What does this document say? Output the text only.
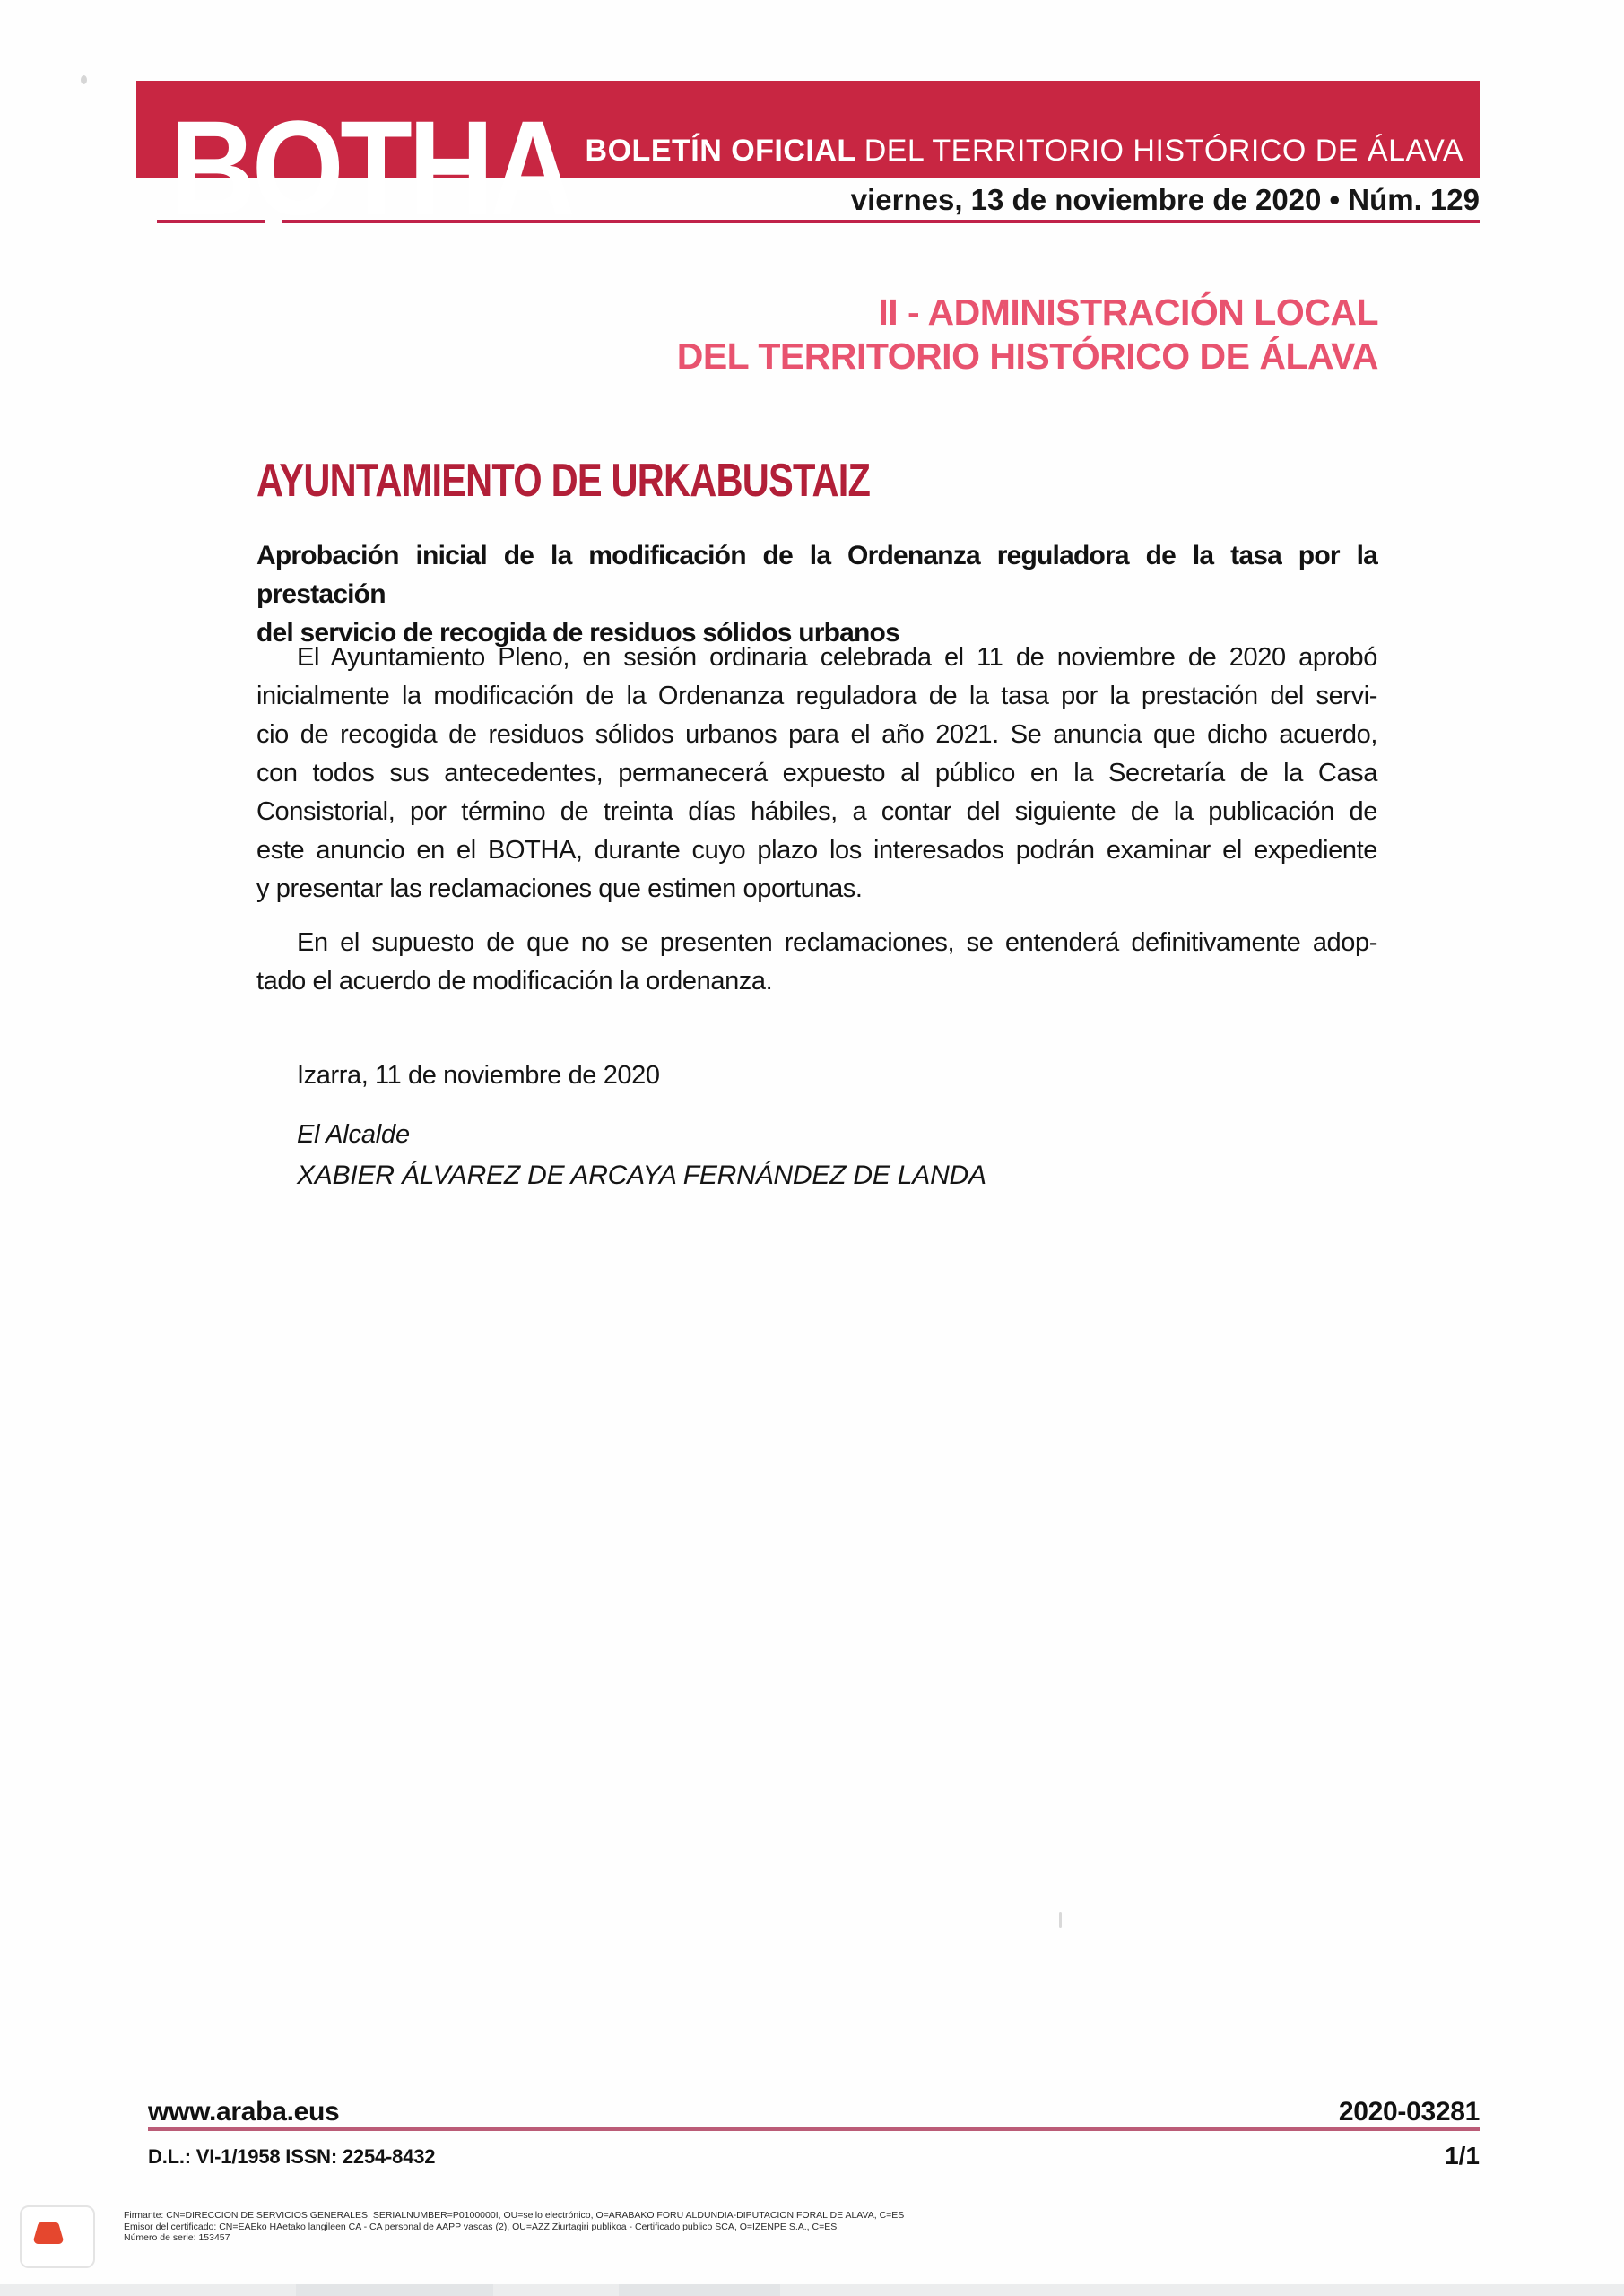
BOLETÍN OFICIAL DEL TERRITORIO HISTÓRICO DE ÁLAVA
BOTHA	viernes, 13 de noviembre de 2020 • Núm. 129
II - ADMINISTRACIÓN LOCAL
DEL TERRITORIO HISTÓRICO DE ÁLAVA
AYUNTAMIENTO DE URKABUSTAIZ
Aprobación inicial de la modificación de la Ordenanza reguladora de la tasa por la prestación
del servicio de recogida de residuos sólidos urbanos
El Ayuntamiento Pleno, en sesión ordinaria celebrada el 11 de noviembre de 2020 aprobó
inicialmente la modificación de la Ordenanza reguladora de la tasa por la prestación del servi-
cio de recogida de residuos sólidos urbanos para el año 2021. Se anuncia que dicho acuerdo,
con todos sus antecedentes, permanecerá expuesto al público en la Secretaría de la Casa
Consistorial, por término de treinta días hábiles, a contar del siguiente de la publicación de
este anuncio en el BOTHA, durante cuyo plazo los interesados podrán examinar el expediente
y presentar las reclamaciones que estimen oportunas.
En el supuesto de que no se presenten reclamaciones, se entenderá definitivamente adop-
tado el acuerdo de modificación la ordenanza.
Izarra, 11 de noviembre de 2020
El Alcalde
XABIER ÁLVAREZ DE ARCAYA FERNÁNDEZ DE LANDA
www.araba.eus	2020-03281
D.L.: VI-1/1958 ISSN: 2254-8432	1/1
Firmante: CN=DIRECCION DE SERVICIOS GENERALES, SERIALNUMBER=P0100000I, OU=sello electrónico, O=ARABAKO FORU ALDUNDIA-DIPUTACION FORAL DE ALAVA, C=ES
Emisor del certificado: CN=EAEko HAetako langileen CA - CA personal de AAPP vascas (2), OU=AZZ Ziurtagiri publikoa - Certificado publico SCA, O=IZENPE S.A., C=ES
Número de serie: 153457
